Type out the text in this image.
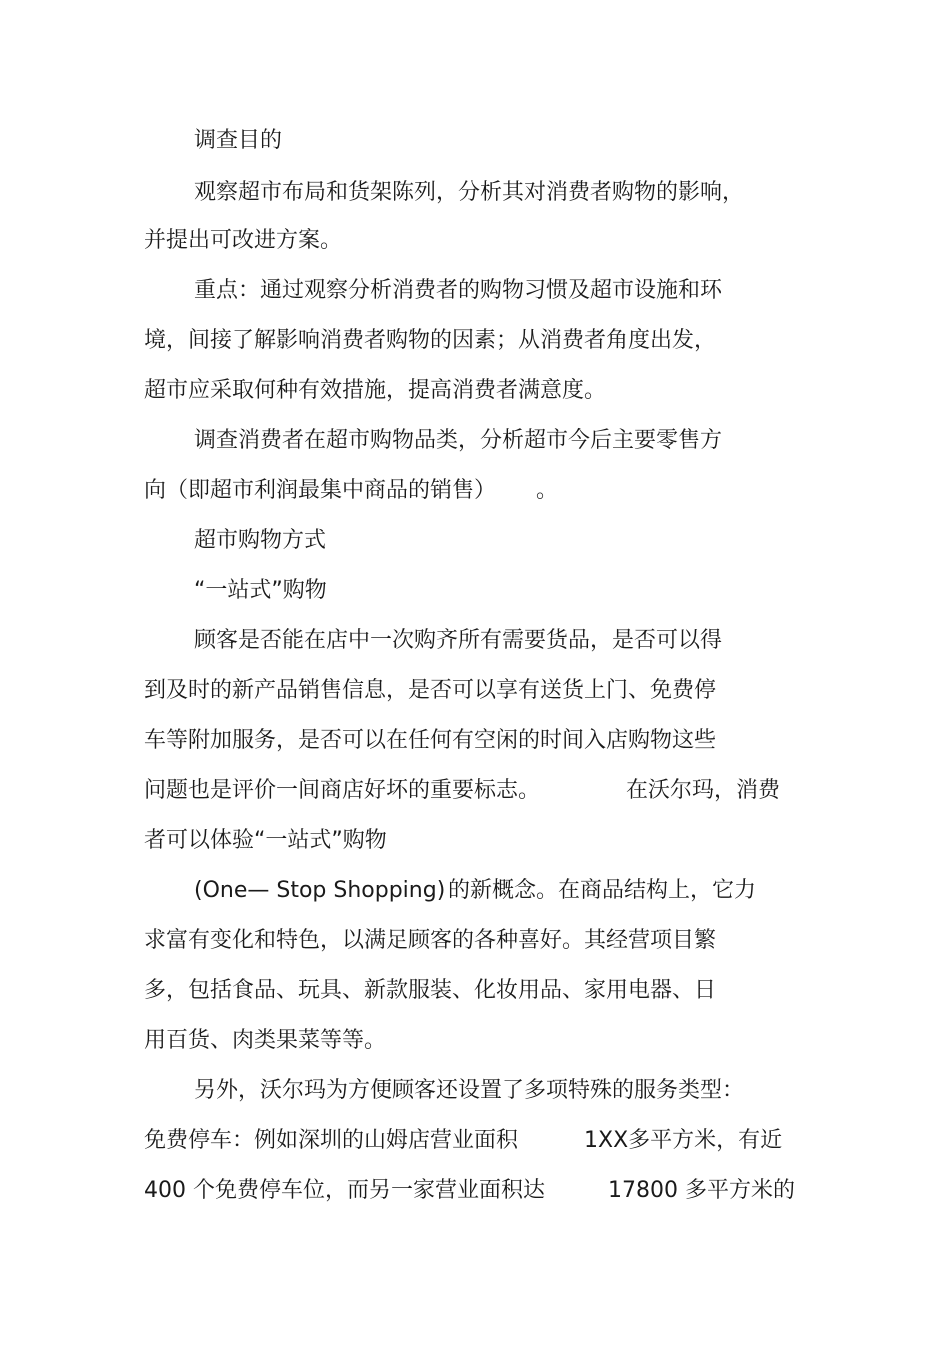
调查目的

观察超市布局和货架陈列，分析其对消费者购物的影响，

并提出可改进方案。

重点：通过观察分析消费者的购物习惯及超市设施和环

境，间接了解影响消费者购物的因素；从消费者角度出发，

超市应采取何种有效措施，提高消费者满意度。

调查消费者在超市购物品类，分析超市今后主要零售方

向（即超市利润最集中商品的销售）

。

超市购物方式

“一站式”购物

顾客是否能在店中一次购齐所有需要货品，是否可以得

到及时的新产品销售信息，是否可以享有送货上门、免费停

车等附加服务，是否可以在任何有空闲的时间入店购物这些

问题也是评价一间商店好坏的重要标志。

	在沃尔玛，消费

者可以体验“一站式”购物

(One— Stop Shopping)

的新概念。在商品结构上，它力

求富有变化和特色，以满足顾客的各种喜好。其经营项目繁

多，包括食品、玩具、新款服装、化妆用品、家用电器、日

用百货、肉类果菜等等。

另外，沃尔玛为方便顾客还设置了多项特殊的服务类型：

免费停车：例如深圳的山姆店营业面积

	1XX多平方米，有近

400 个免费停车位，而另一家营业面积达

	17800 多平方米的
